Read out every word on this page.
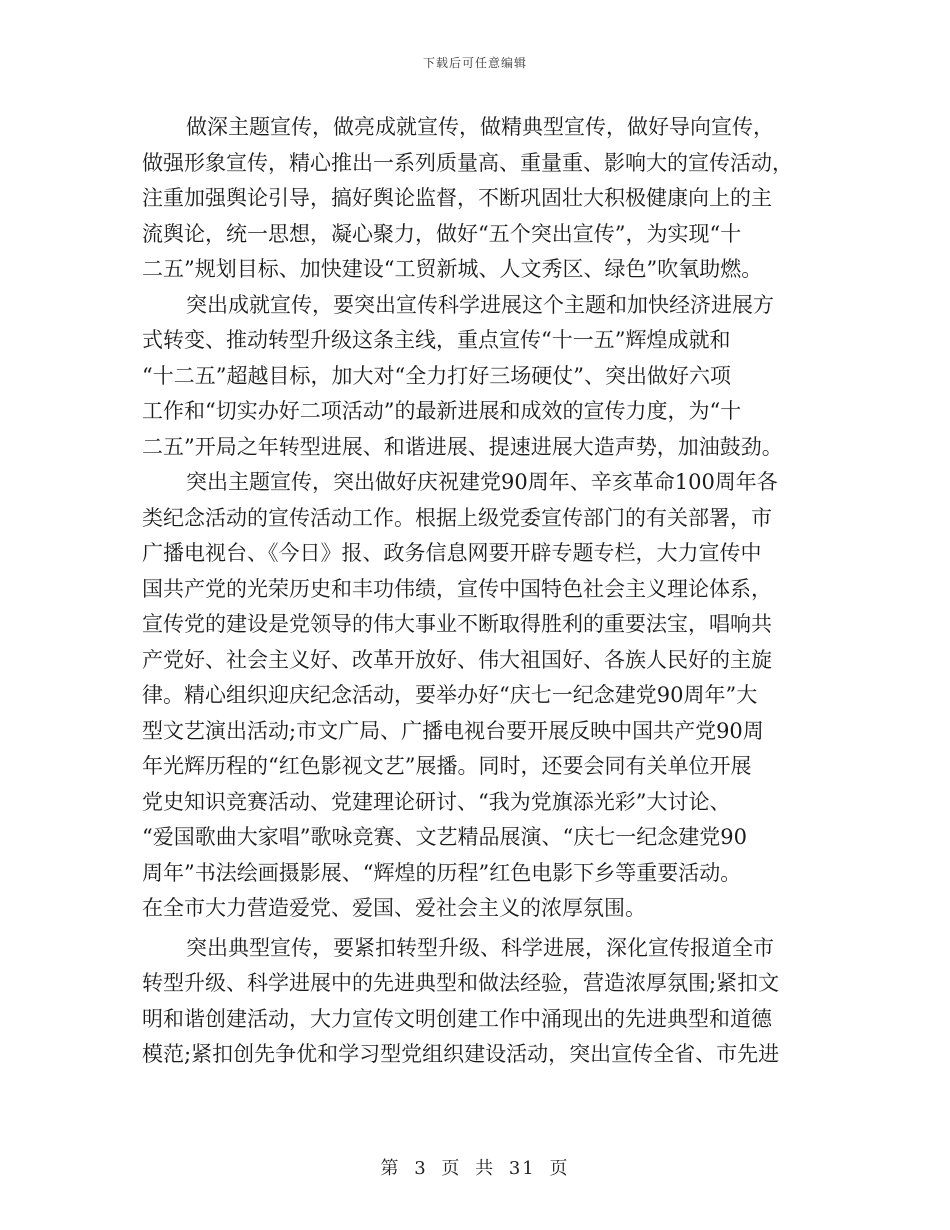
下载后可任意编辑
做深主题宣传，做亮成就宣传，做精典型宣传，做好导向宣传，
做强形象宣传，精心推出一系列质量高、重量重、影响大的宣传活动，
注重加强舆论引导，搞好舆论监督，不断巩固壮大积极健康向上的主
流舆论，统一思想，凝心聚力，做好“五个突出宣传”，为实现“十
二五”规划目标、加快建设“工贸新城、人文秀区、绿色”吹氧助燃。
突出成就宣传，要突出宣传科学进展这个主题和加快经济进展方
式转变、推动转型升级这条主线，重点宣传“十一五”辉煌成就和
“十二五”超越目标，加大对“全力打好三场硬仗”、突出做好六项
工作和“切实办好二项活动”的最新进展和成效的宣传力度，为“十
二五”开局之年转型进展、和谐进展、提速进展大造声势，加油鼓劲。
突出主题宣传，突出做好庆祝建党90周年、辛亥革命100周年各
类纪念活动的宣传活动工作。根据上级党委宣传部门的有关部署，市
广播电视台、《今日》报、政务信息网要开辟专题专栏，大力宣传中
国共产党的光荣历史和丰功伟绩，宣传中国特色社会主义理论体系，
宣传党的建设是党领导的伟大事业不断取得胜利的重要法宝，唱响共
产党好、社会主义好、改革开放好、伟大祖国好、各族人民好的主旋
律。精心组织迎庆纪念活动，要举办好“庆七一纪念建党90周年”大
型文艺演出活动;市文广局、广播电视台要开展反映中国共产党90周
年光辉历程的“红色影视文艺”展播。同时，还要会同有关单位开展
党史知识竞赛活动、党建理论研讨、“我为党旗添光彩”大讨论、
“爱国歌曲大家唱”歌咏竞赛、文艺精品展演、“庆七一纪念建党90
周年”书法绘画摄影展、“辉煌的历程”红色电影下乡等重要活动。
在全市大力营造爱党、爱国、爱社会主义的浓厚氛围。
突出典型宣传，要紧扣转型升级、科学进展，深化宣传报道全市
转型升级、科学进展中的先进典型和做法经验，营造浓厚氛围;紧扣文
明和谐创建活动，大力宣传文明创建工作中涌现出的先进典型和道德
模范;紧扣创先争优和学习型党组织建设活动，突出宣传全省、市先进
第 3 页 共 31 页
